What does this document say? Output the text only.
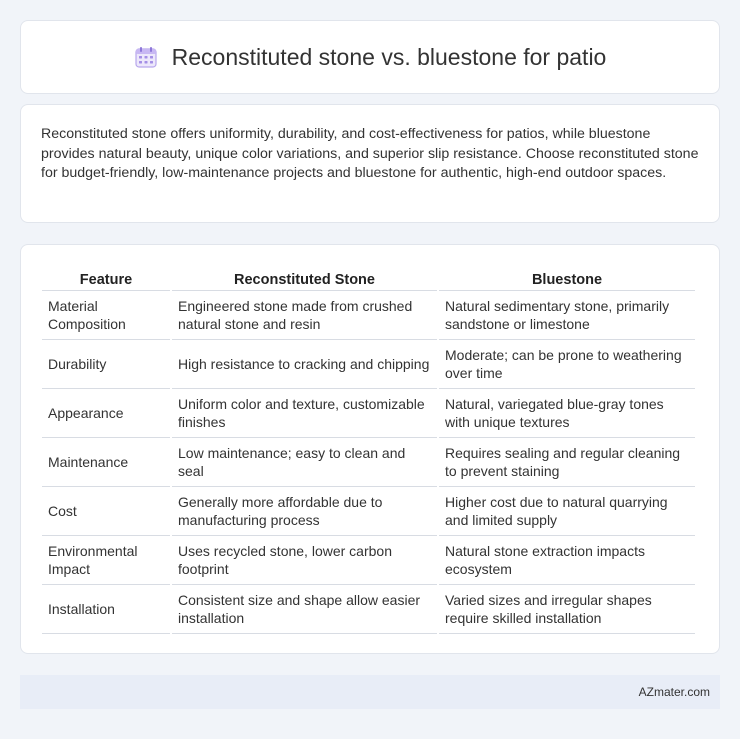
Reconstituted stone vs. bluestone for patio

Reconstituted stone offers uniformity, durability, and cost-effectiveness for patios, while bluestone provides natural beauty, unique color variations, and superior slip resistance. Choose reconstituted stone for budget-friendly, low-maintenance projects and bluestone for authentic, high-end outdoor spaces.

Feature	Reconstituted Stone	Bluestone
Material Composition	Engineered stone made from crushed natural stone and resin	Natural sedimentary stone, primarily sandstone or limestone
Durability	High resistance to cracking and chipping	Moderate; can be prone to weathering over time
Appearance	Uniform color and texture, customizable finishes	Natural, variegated blue-gray tones with unique textures
Maintenance	Low maintenance; easy to clean and seal	Requires sealing and regular cleaning to prevent staining
Cost	Generally more affordable due to manufacturing process	Higher cost due to natural quarrying and limited supply
Environmental Impact	Uses recycled stone, lower carbon footprint	Natural stone extraction impacts ecosystem
Installation	Consistent size and shape allow easier installation	Varied sizes and irregular shapes require skilled installation
AZmater.com
